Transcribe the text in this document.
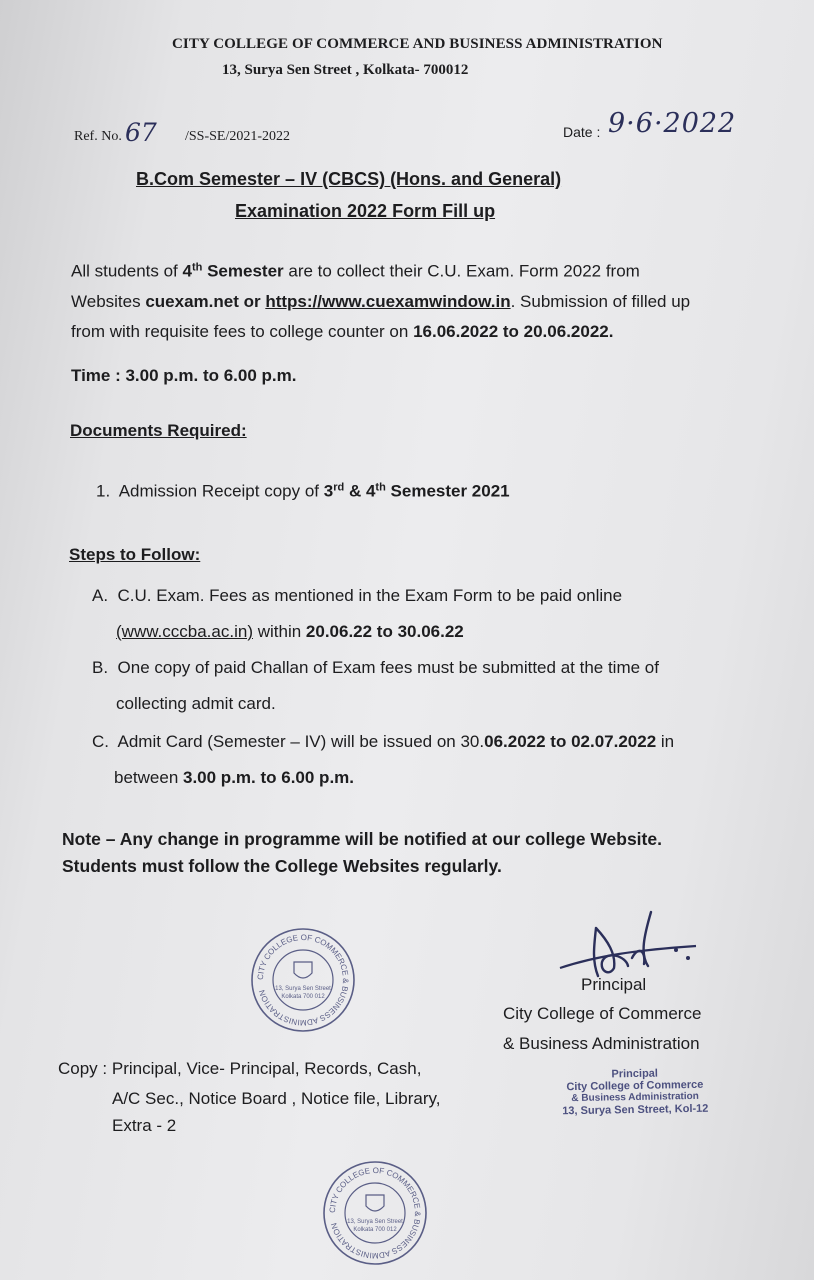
CITY COLLEGE OF COMMERCE AND BUSINESS ADMINISTRATION
13, Surya Sen Street , Kolkata- 700012
Ref. No. 67 /SS-SE/2021-2022	Date : 9·6·2022
B.Com Semester – IV (CBCS) (Hons. and General)
Examination 2022 Form Fill up
All students of 4th Semester are to collect their C.U. Exam. Form 2022 from
Websites cuexam.net or https://www.cuexamwindow.in. Submission of filled up
from with requisite fees to college counter on 16.06.2022 to 20.06.2022.
Time : 3.00 p.m. to 6.00 p.m.
Documents Required:
1. Admission Receipt copy of 3rd & 4th Semester 2021
Steps to Follow:
A. C.U. Exam. Fees as mentioned in the Exam Form to be paid online
(www.cccba.ac.in) within 20.06.22 to 30.06.22
B. One copy of paid Challan of Exam fees must be submitted at the time of
collecting admit card.
C. Admit Card (Semester – IV) will be issued on 30.06.2022 to 02.07.2022 in
between 3.00 p.m. to 6.00 p.m.
Note – Any change in programme will be notified at our college Website.
Students must follow the College Websites regularly.
CITY COLLEGE OF COMMERCE & BUSINESS ADMINISTRATION	13, Surya Sen Street
Kolkata 700 012
Principal
City College of Commerce
& Business Administration
Principal
City College of Commerce
& Business Administration
13, Surya Sen Street, Kol-12
Copy : Principal, Vice- Principal, Records, Cash,
A/C Sec., Notice Board , Notice file, Library,
Extra - 2
CITY COLLEGE OF COMMERCE & BUSINESS ADMINISTRATION	13, Surya Sen Street
Kolkata 700 012
